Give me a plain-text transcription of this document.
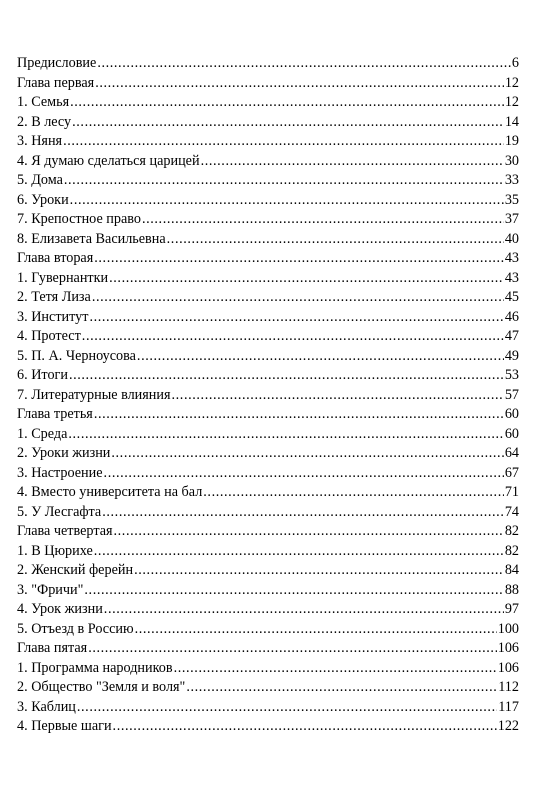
Предисловие .....	6
Глава первая .....	12
1. Семья .....	12
2. В лесу .....	14
3. Няня .....	19
4. Я думаю сделаться царицей .....	30
5. Дома .....	33
6. Уроки .....	35
7. Крепостное право .....	37
8. Елизавета Васильевна .....	40
Глава вторая .....	43
1. Гувернантки .....	43
2. Тетя Лиза .....	45
3. Институт .....	46
4. Протест .....	47
5. П. А. Черноусова .....	49
6. Итоги .....	53
7. Литературные влияния .....	57
Глава третья .....	60
1. Среда .....	60
2. Уроки жизни .....	64
3. Настроение .....	67
4. Вместо университета на бал .....	71
5. У Лесгафта .....	74
Глава четвертая .....	82
1. В Цюрихе .....	82
2. Женский ферейн .....	84
3. "Фричи" .....	88
4. Урок жизни .....	97
5. Отъезд в Россию .....	100
Глава пятая .....	106
1. Программа народников .....	106
2. Общество "Земля и воля" .....	112
3. Каблиц .....	117
4. Первые шаги .....	122
